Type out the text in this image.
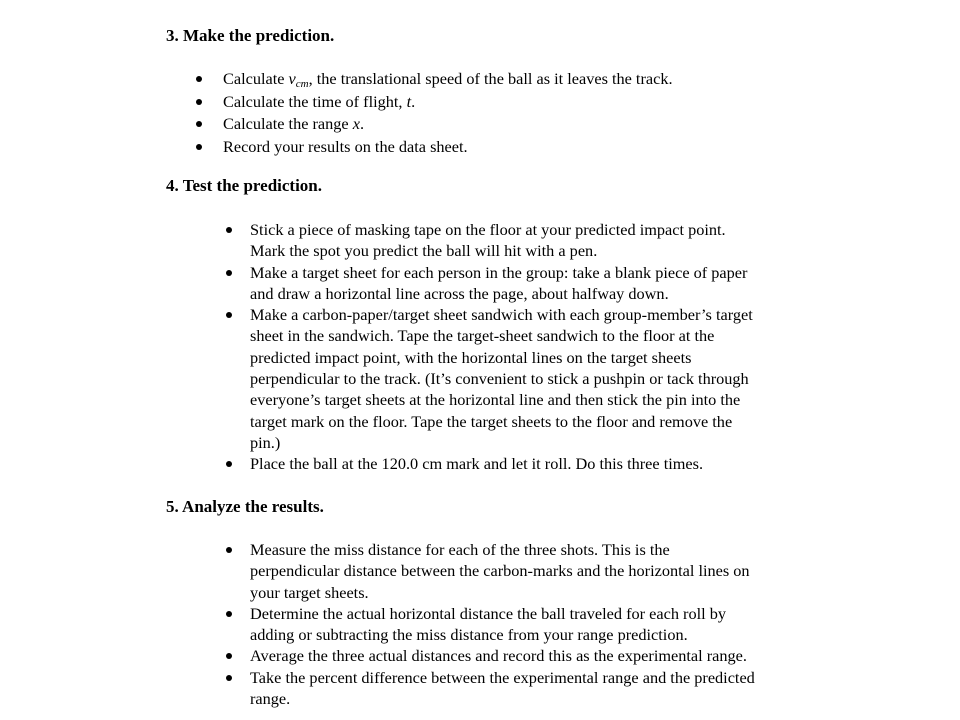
3. Make the prediction.
Calculate $v_{cm}$, the translational speed of the ball as it leaves the track.
Calculate the time of flight, t.
Calculate the range x.
Record your results on the data sheet.
4. Test the prediction.
Stick a piece of masking tape on the floor at your predicted impact point.
Mark the spot you predict the ball will hit with a pen.
Make a target sheet for each person in the group: take a blank piece of paper
and draw a horizontal line across the page, about halfway down.
Make a carbon-paper/target sheet sandwich with each group-member’s target
sheet in the sandwich. Tape the target-sheet sandwich to the floor at the
predicted impact point, with the horizontal lines on the target sheets
perpendicular to the track. (It’s convenient to stick a pushpin or tack through
everyone’s target sheets at the horizontal line and then stick the pin into the
target mark on the floor. Tape the target sheets to the floor and remove the
pin.)
Place the ball at the 120.0 cm mark and let it roll. Do this three times.
5. Analyze the results.
Measure the miss distance for each of the three shots. This is the
perpendicular distance between the carbon-marks and the horizontal lines on
your target sheets.
Determine the actual horizontal distance the ball traveled for each roll by
adding or subtracting the miss distance from your range prediction.
Average the three actual distances and record this as the experimental range.
Take the percent difference between the experimental range and the predicted
range.
